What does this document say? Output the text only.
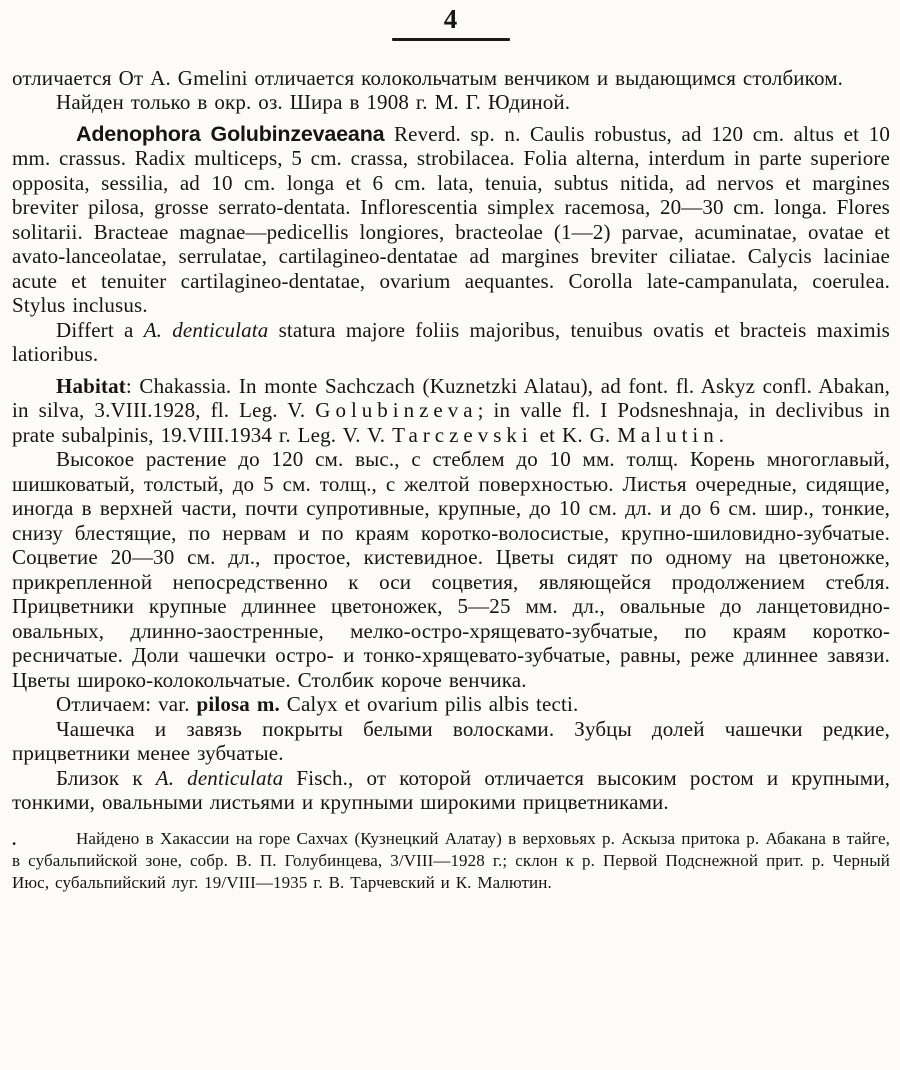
4

отличается От А. Gmelini отличается колокольчатым венчиком и выдающимся столбиком.

Найден только в окр. оз. Шира в 1908 г. М. Г. Юдиной.

Adenophora Golubinzevaeana Reverd. sp. n. Caulis robustus, ad 120 cm. altus et 10 mm. crassus. Radix multiceps, 5 cm. crassa, strobilacea. Folia alterna, interdum in parte superiore opposita, sessilia, ad 10 cm. longa et 6 cm. lata, tenuia, subtus nitida, ad nervos et margines breviter pilosa, grosse serrato-dentata. Inflorescentia simplex racemosa, 20—30 cm. longa. Flores solitarii. Bracteae magnae—pedicellis longiores, bracteolae (1—2) parvae, acuminatae, ovatae et avato-lanceolatae, serrulatae, cartilagineo-dentatae ad margines breviter ciliatae. Calycis laciniae acute et tenuiter cartilagineo-dentatae, ovarium aequantes. Corolla late-campanulata, coerulea. Stylus inclusus.

Differt a A. denticulata statura majore foliis majoribus, tenuibus ovatis et bracteis maximis latioribus.

Habitat: Chakassia. In monte Sachczach (Kuznetzki Alatau), ad font. fl. Askyz confl. Abakan, in silva, 3.VIII.1928, fl. Leg. V. Golubinzeva; in valle fl. I Podsneshnaja, in declivibus in prate subalpinis, 19.VIII.1934 г. Leg. V. V. Tarczevski et K. G. Malutin.

Высокое растение до 120 см. выс., с стеблем до 10 мм. толщ. Корень многоглавый, шишковатый, толстый, до 5 см. толщ., с желтой поверхностью. Листья очередные, сидящие, иногда в верхней части, почти супротивные, крупные, до 10 см. дл. и до 6 см. шир., тонкие, снизу блестящие, по нервам и по краям коротко-волосистые, крупно-шиловидно-зубчатые. Соцветие 20—30 см. дл., простое, кистевидное. Цветы сидят по одному на цветоножке, прикрепленной непосредственно к оси соцветия, являющейся продолжением стебля. Прицветники крупные длиннее цветоножек, 5—25 мм. дл., овальные до ланцетовидно-овальных, длинно-заостренные, мелко-остро-хрящевато-зубчатые, по краям коротко-ресничатые. Доли чашечки остро- и тонко-хрящевато-зубчатые, равны, реже длиннее завязи. Цветы широко-колокольчатые. Столбик короче венчика.

Отличаем: var. pilosa m. Calyx et ovarium pilis albis tecti.

Чашечка и завязь покрыты белыми волосками. Зубцы долей чашечки редкие, прицветники менее зубчатые.

Близок к A. denticulata Fisch., от которой отличается высоким ростом и крупными, тонкими, овальными листьями и крупными широкими прицветниками.

.	Найдено в Хакассии на горе Сахчах (Кузнецкий Алатау) в верховьях р. Аскыза притока р. Абакана в тайге, в субальпийской зоне, собр. В. П. Голубинцева, 3/VIII—1928 г.; склон к р. Первой Подснежной прит. р. Черный Июс, субальпийский луг. 19/VIII—1935 г. В. Тарчевский и К. Малютин.
